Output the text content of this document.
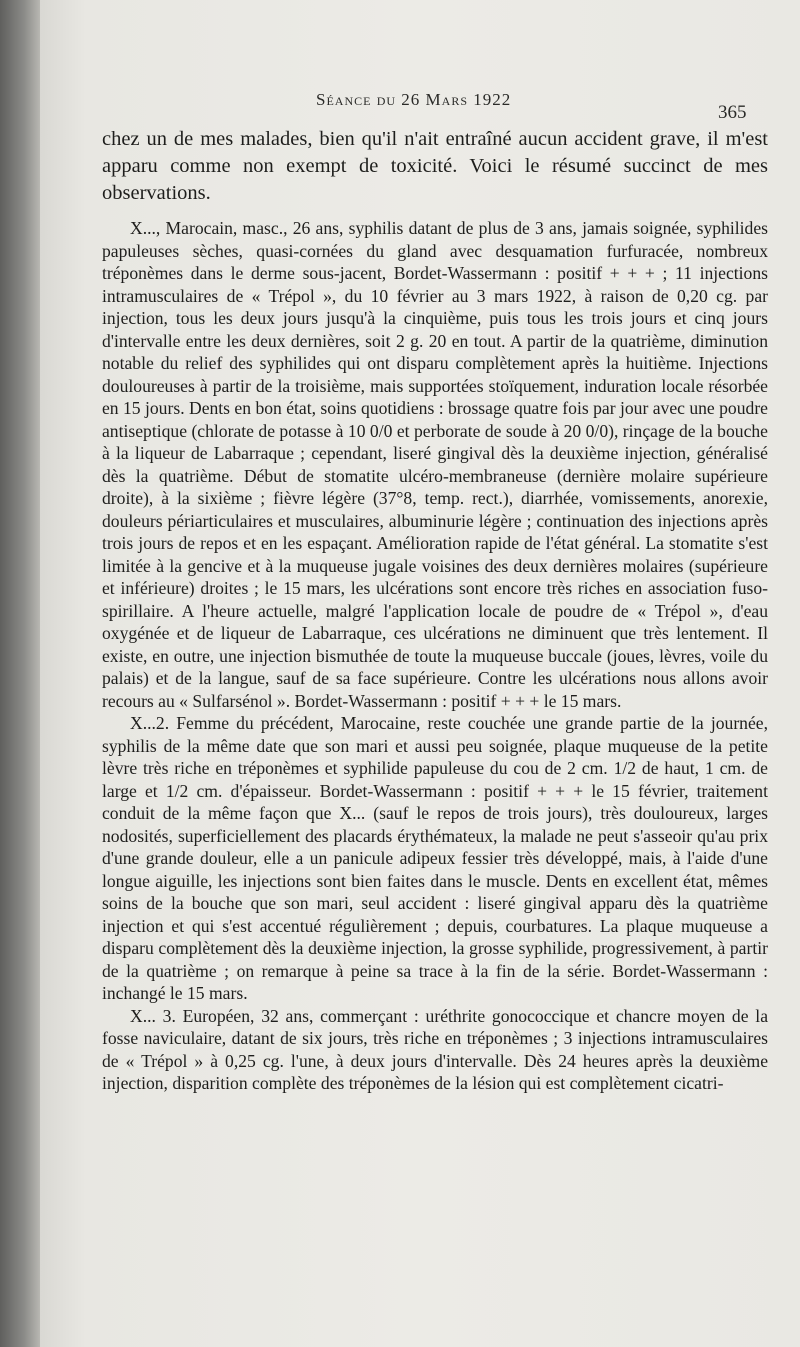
Séance du 26 Mars 1922
365

chez un de mes malades, bien qu'il n'ait entraîné aucun accident grave, il m'est apparu comme non exempt de toxicité. Voici le résumé succinct de mes observations.

X..., Marocain, masc., 26 ans, syphilis datant de plus de 3 ans, jamais soignée, syphilides papuleuses sèches, quasi-cornées du gland avec desquamation furfuracée, nombreux tréponèmes dans le derme sous-jacent, Bordet-Wassermann : positif + + + ; 11 injections intramusculaires de « Trépol », du 10 février au 3 mars 1922, à raison de 0,20 cg. par injection, tous les deux jours jusqu'à la cinquième, puis tous les trois jours et cinq jours d'intervalle entre les deux dernières, soit 2 g. 20 en tout. A partir de la quatrième, diminution notable du relief des syphilides qui ont disparu complètement après la huitième. Injections douloureuses à partir de la troisième, mais supportées stoïquement, induration locale résorbée en 15 jours. Dents en bon état, soins quotidiens : brossage quatre fois par jour avec une poudre antiseptique (chlorate de potasse à 10 0/0 et perborate de soude à 20 0/0), rinçage de la bouche à la liqueur de Labarraque ; cependant, liseré gingival dès la deuxième injection, généralisé dès la quatrième. Début de stomatite ulcéro-membraneuse (dernière molaire supérieure droite), à la sixième ; fièvre légère (37°8, temp. rect.), diarrhée, vomissements, anorexie, douleurs périarticulaires et musculaires, albuminurie légère ; continuation des injections après trois jours de repos et en les espaçant. Amélioration rapide de l'état général. La stomatite s'est limitée à la gencive et à la muqueuse jugale voisines des deux dernières molaires (supérieure et inférieure) droites ; le 15 mars, les ulcérations sont encore très riches en association fuso-spirillaire. A l'heure actuelle, malgré l'application locale de poudre de « Trépol », d'eau oxygénée et de liqueur de Labarraque, ces ulcérations ne diminuent que très lentement. Il existe, en outre, une injection bismuthée de toute la muqueuse buccale (joues, lèvres, voile du palais) et de la langue, sauf de sa face supérieure. Contre les ulcérations nous allons avoir recours au « Sulfarsénol ». Bordet-Wassermann : positif + + + le 15 mars.

X...2. Femme du précédent, Marocaine, reste couchée une grande partie de la journée, syphilis de la même date que son mari et aussi peu soignée, plaque muqueuse de la petite lèvre très riche en tréponèmes et syphilide papuleuse du cou de 2 cm. 1/2 de haut, 1 cm. de large et 1/2 cm. d'épaisseur. Bordet-Wassermann : positif + + + le 15 février, traitement conduit de la même façon que X... (sauf le repos de trois jours), très douloureux, larges nodosités, superficiellement des placards érythémateux, la malade ne peut s'asseoir qu'au prix d'une grande douleur, elle a un panicule adipeux fessier très développé, mais, à l'aide d'une longue aiguille, les injections sont bien faites dans le muscle. Dents en excellent état, mêmes soins de la bouche que son mari, seul accident : liseré gingival apparu dès la quatrième injection et qui s'est accentué régulièrement ; depuis, courbatures. La plaque muqueuse a disparu complètement dès la deuxième injection, la grosse syphilide, progressivement, à partir de la quatrième ; on remarque à peine sa trace à la fin de la série. Bordet-Wassermann : inchangé le 15 mars.

X... 3. Européen, 32 ans, commerçant : uréthrite gonococcique et chancre moyen de la fosse naviculaire, datant de six jours, très riche en tréponèmes ; 3 injections intramusculaires de « Trépol » à 0,25 cg. l'une, à deux jours d'intervalle. Dès 24 heures après la deuxième injection, disparition complète des tréponèmes de la lésion qui est complètement cicatri-
